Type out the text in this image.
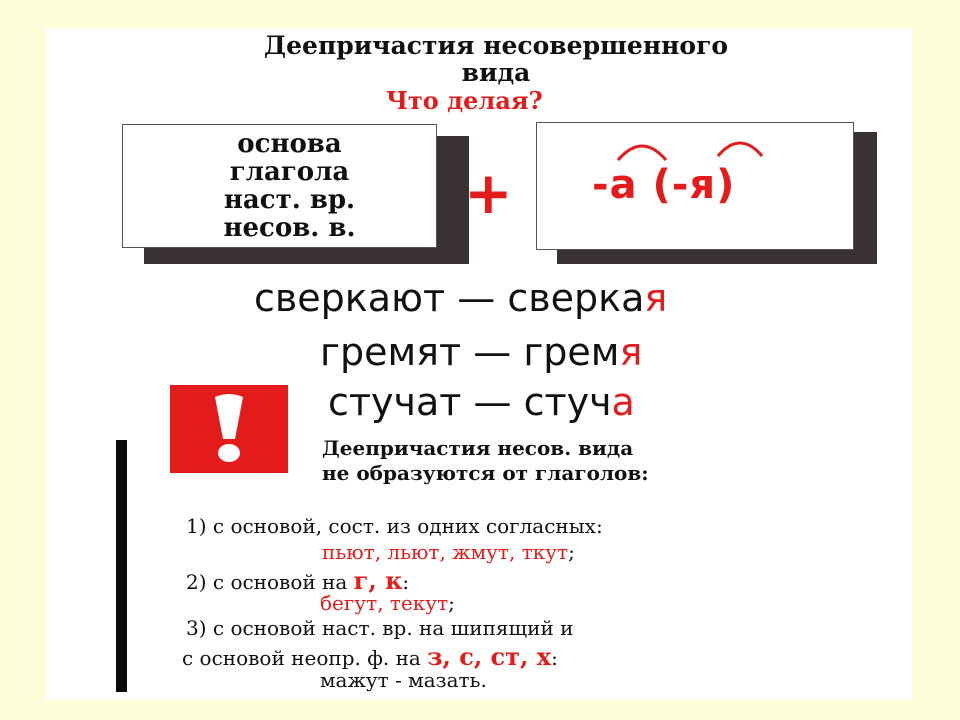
Деепричастия несовершенного
вида
Что делая?
основа
глагола
наст. вр.
несов. в.
+ -а (-я)
сверкают — сверкая
гремят — гремя
стучат — стуча
Деепричастия несов. вида
не образуются от глаголов:
1) с основой, сост. из одних согласных:
пьют, льют, жмут, ткут;
2) с основой на г, к:
бегут, текут;
3) с основой наст. вр. на шипящий и
с основой неопр. ф. на з, с, ст, х:
мажут - мазать.
